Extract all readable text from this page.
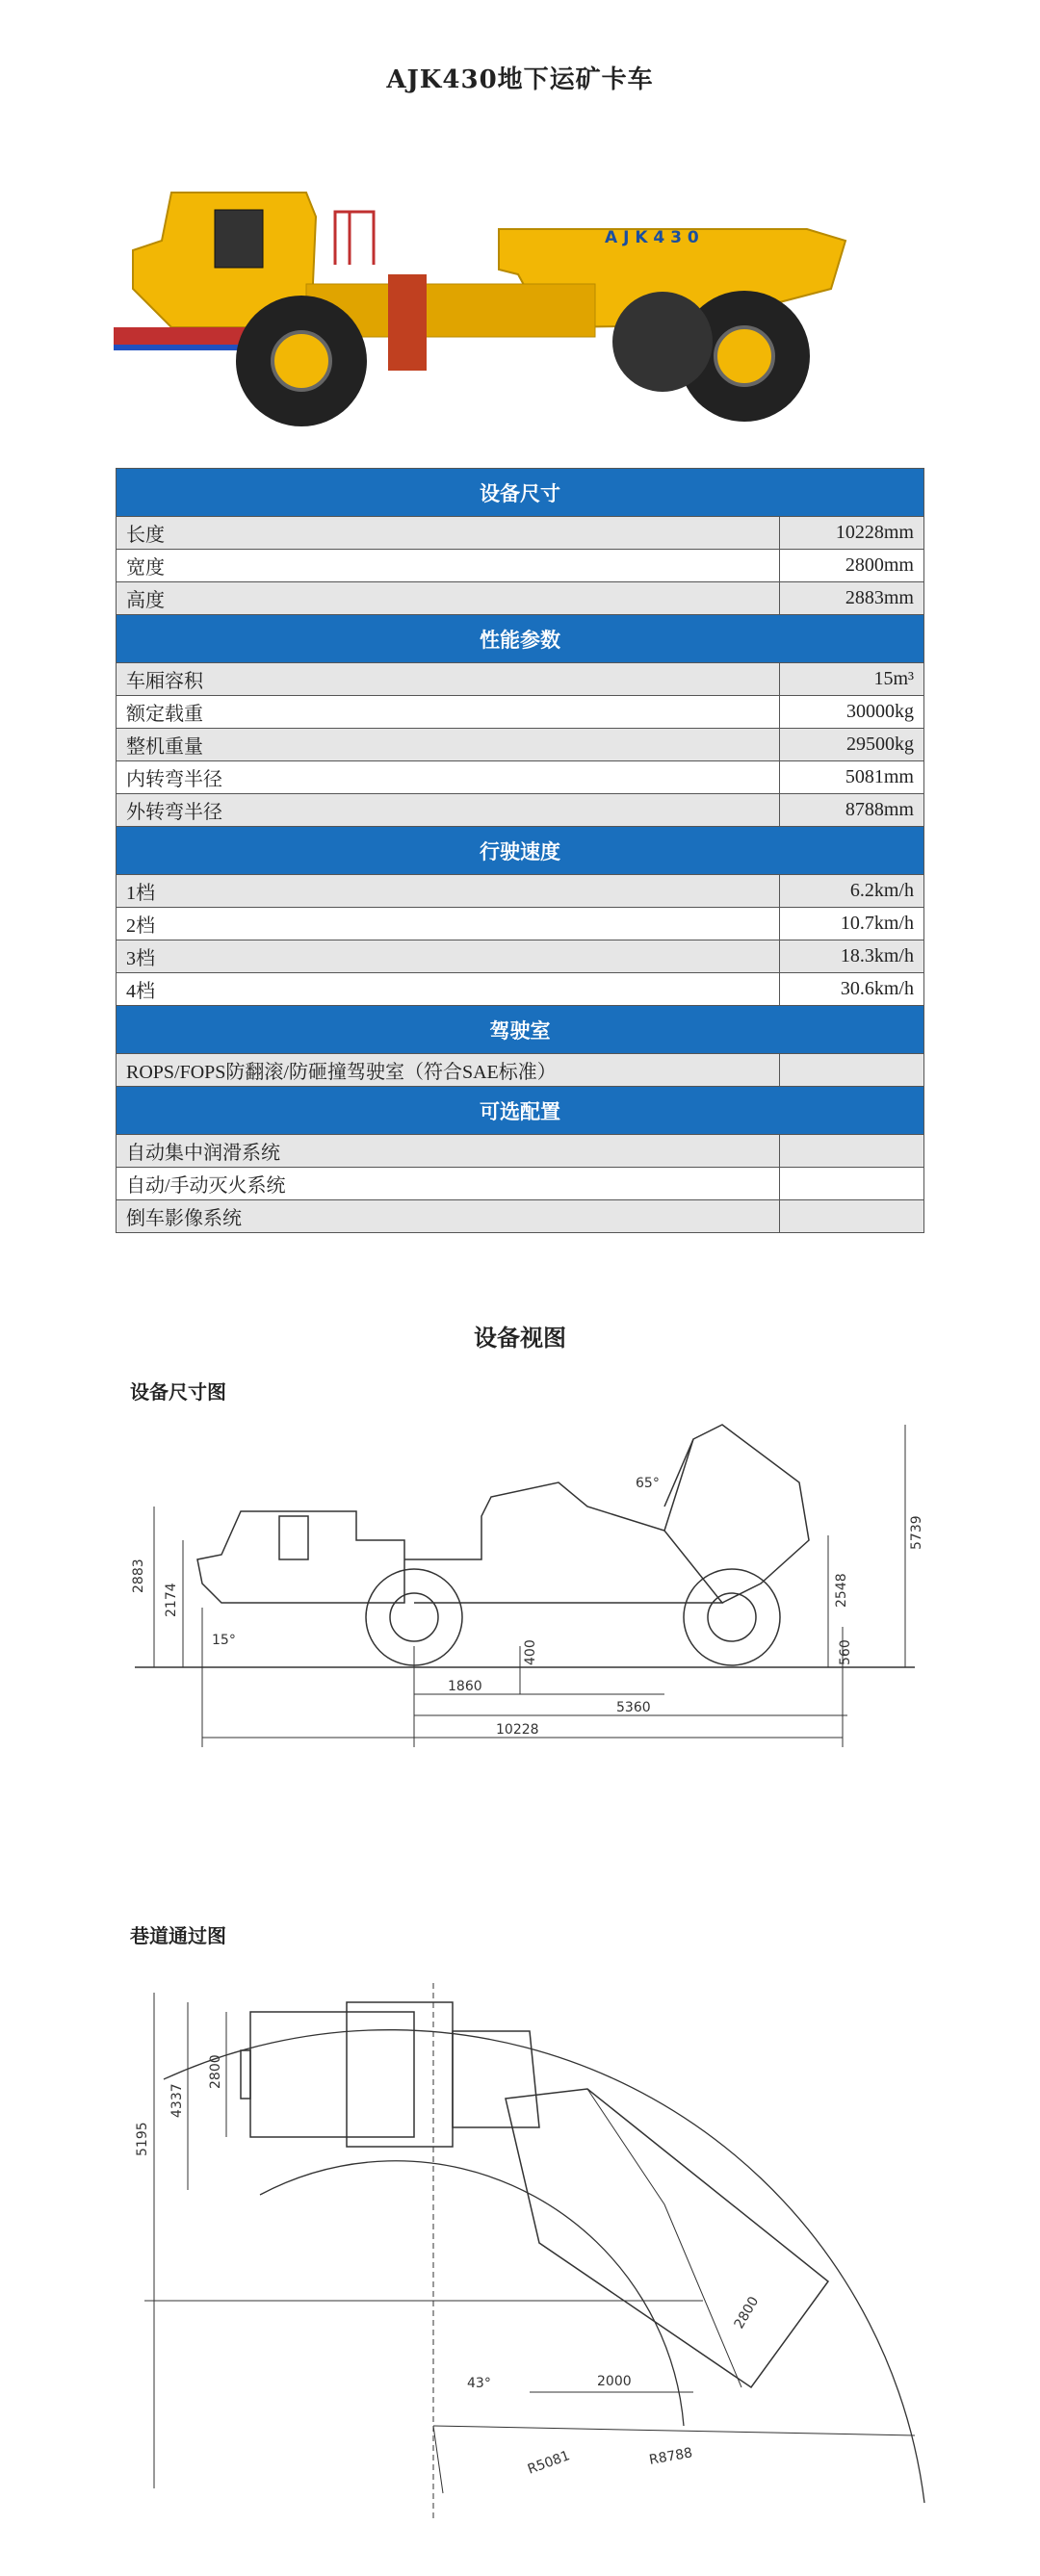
AJK430地下运矿卡车
A J K 4 3 0
设备尺寸	
长度	10228mm
宽度	2800mm
高度	2883mm
性能参数	
车厢容积	15m³
额定载重	30000kg
整机重量	29500kg
内转弯半径	5081mm
外转弯半径	8788mm
行驶速度	
1档	6.2km/h
2档	10.7km/h
3档	18.3km/h
4档	30.6km/h
驾驶室	
ROPS/FOPS防翻滚/防砸撞驾驶室（符合SAE标准）	
可选配置	
自动集中润滑系统	
自动/手动灭火系统	
倒车影像系统	
设备视图
设备尺寸图
2883
2174
5739
2548
560
400
1860
5360
10228
15°
65°
巷道通过图
5195
4337
2800
2800
2000
R5081	R8788
43°
